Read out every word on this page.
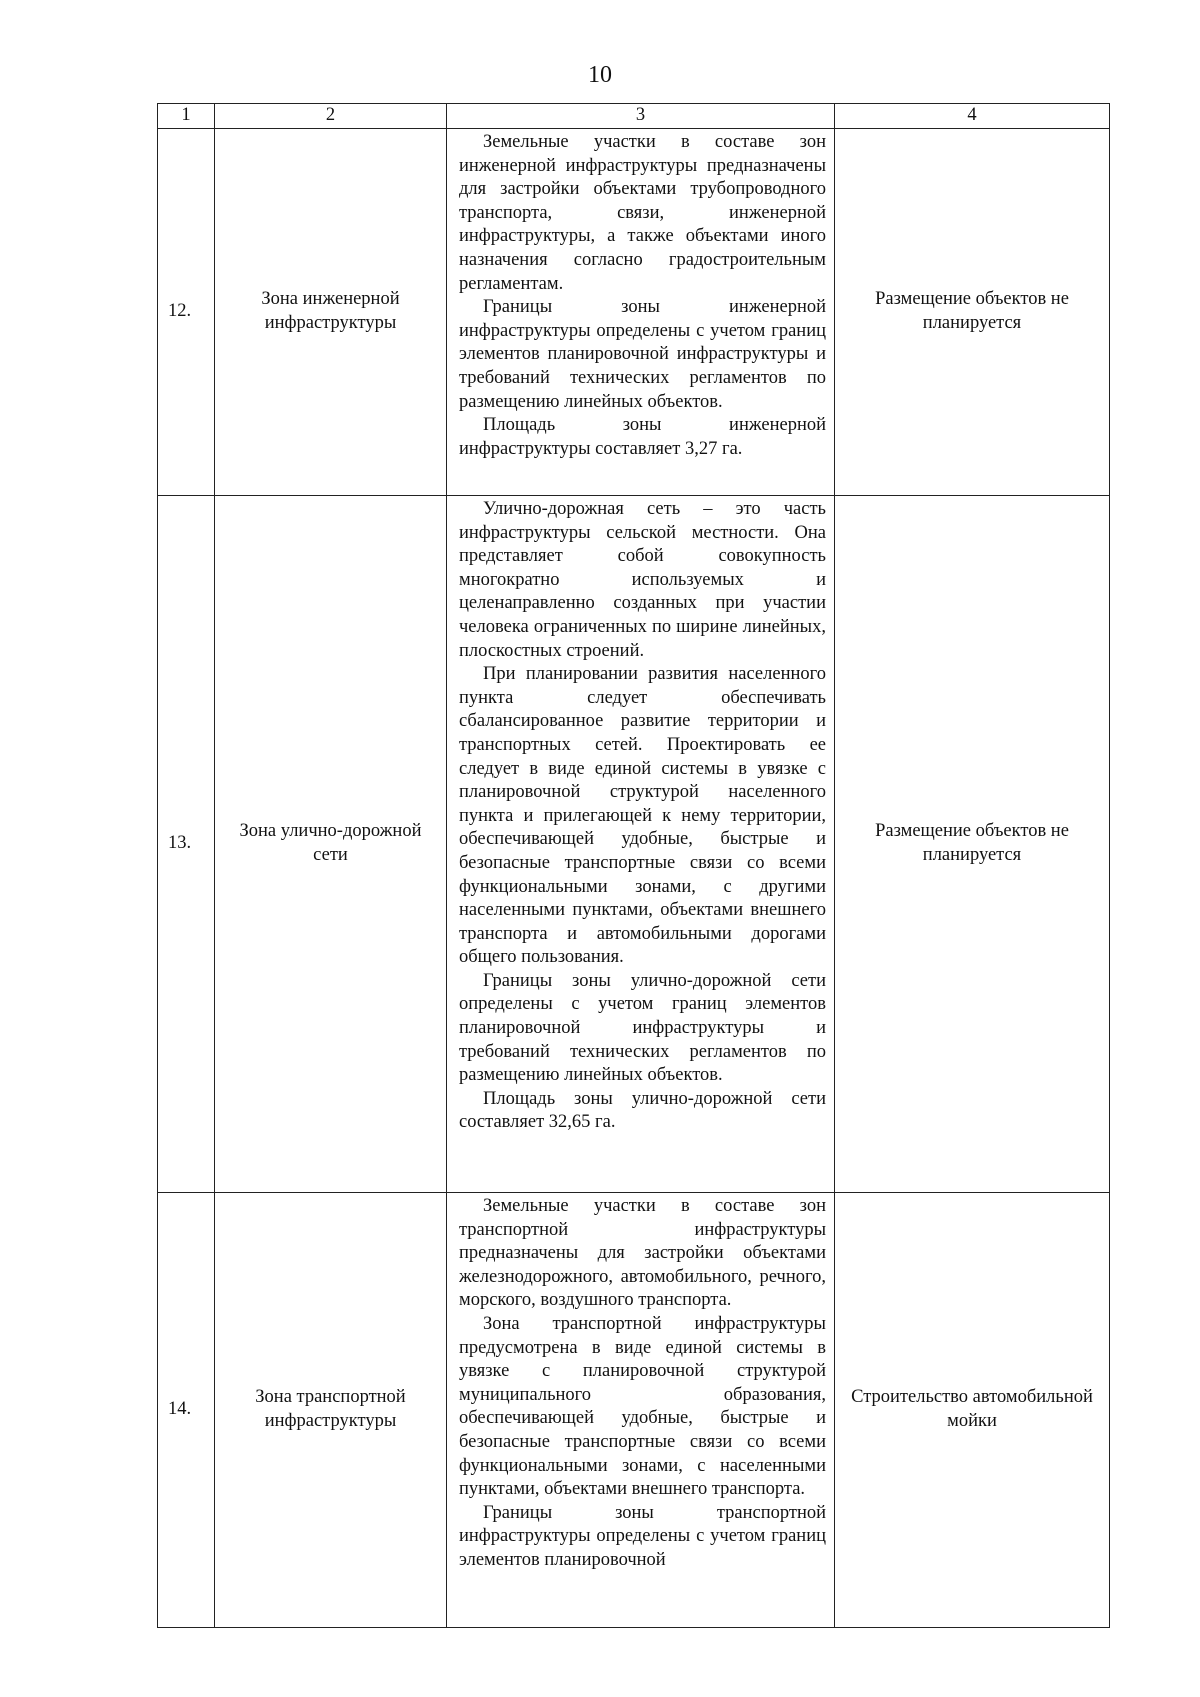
10
1	2	3	4
12.	Зона инженерной инфраструктуры	Земельные участки в составе зон инженерной инфраструктуры предназначены для застройки объектами трубопроводного транспорта, связи, инженерной инфраструктуры, а также объектами иного назначения согласно градостроительным регламентам.

Границы зоны инженерной инфраструктуры определены с учетом границ элементов планировочной инфраструктуры и требований технических регламентов по размещению линейных объектов.

Площадь зоны инженерной инфраструктуры составляет 3,27 га.	Размещение объектов не планируется
13.	Зона улично-дорожной сети	Улично-дорожная сеть – это часть инфраструктуры сельской местности. Она представляет собой совокупность многократно используемых и целенаправленно созданных при участии человека ограниченных по ширине линейных, плоскостных строений.

При планировании развития населенного пункта следует обеспечивать сбалансированное развитие территории и транспортных сетей. Проектировать ее следует в виде единой системы в увязке с планировочной структурой населенного пункта и прилегающей к нему территории, обеспечивающей удобные, быстрые и безопасные транспортные связи со всеми функциональными зонами, с другими населенными пунктами, объектами внешнего транспорта и автомобильными дорогами общего пользования.

Границы зоны улично-дорожной сети определены с учетом границ элементов планировочной инфраструктуры и требований технических регламентов по размещению линейных объектов.

Площадь зоны улично-дорожной сети составляет 32,65 га.	Размещение объектов не планируется
14.	Зона транспортной инфраструктуры	Земельные участки в составе зон транспортной инфраструктуры предназначены для застройки объектами железнодорожного, автомобильного, речного, морского, воздушного транспорта.

Зона транспортной инфраструктуры предусмотрена в виде единой системы в увязке с планировочной структурой муниципального образования, обеспечивающей удобные, быстрые и безопасные транспортные связи со всеми функциональными зонами, с населенными пунктами, объектами внешнего транспорта.

Границы зоны транспортной инфраструктуры определены с учетом границ элементов планировочной	Строительство автомобильной мойки
